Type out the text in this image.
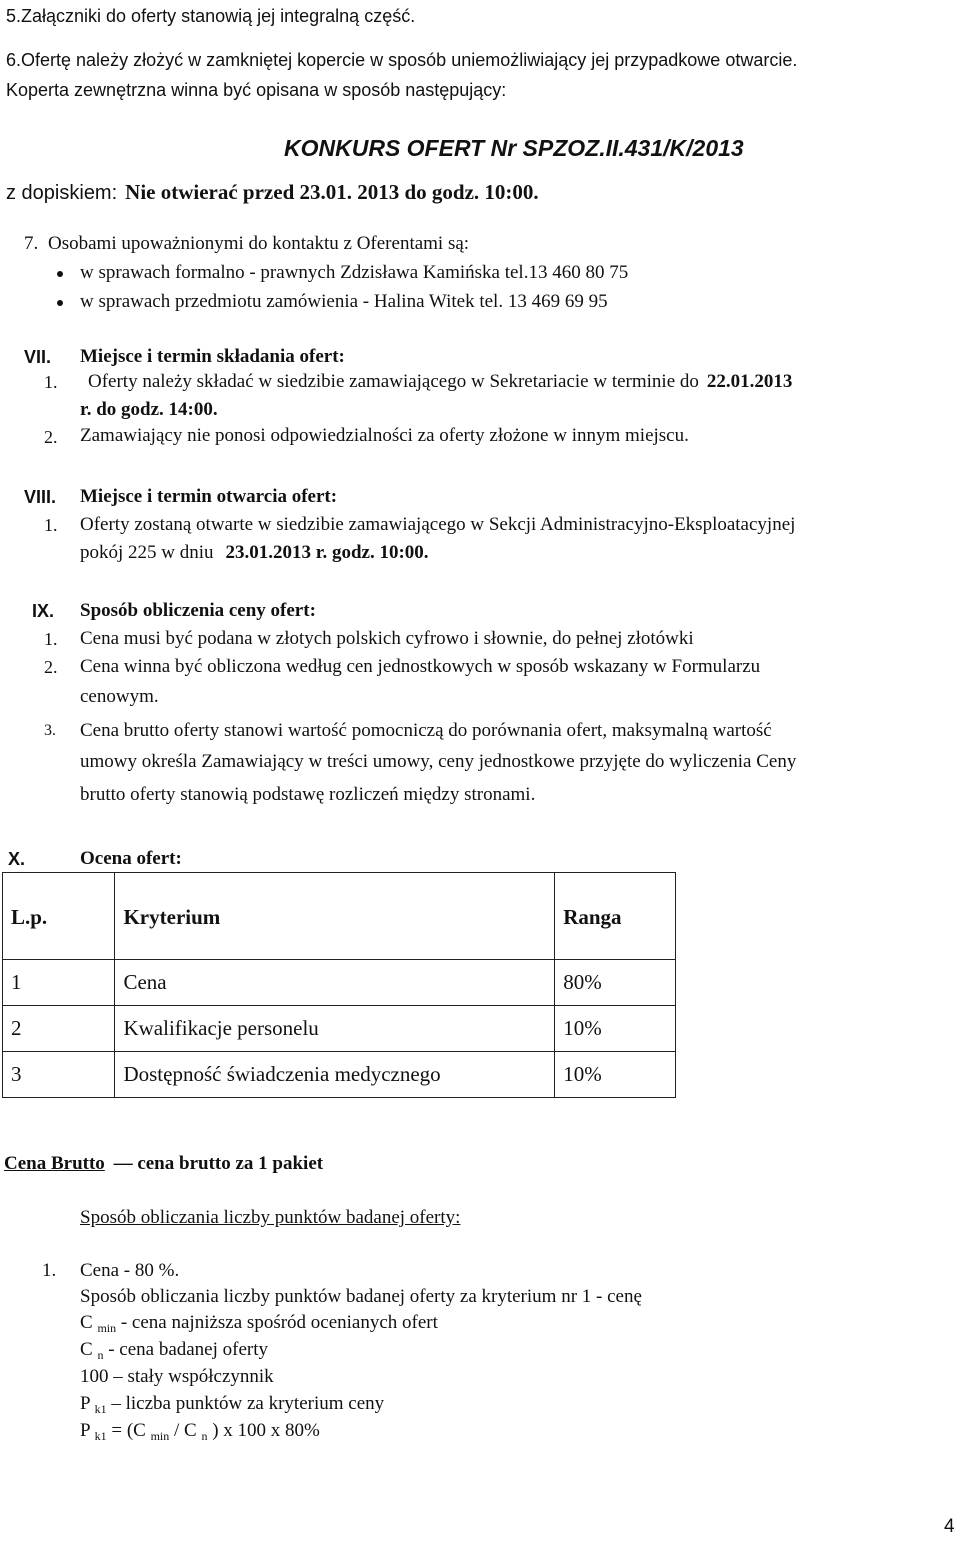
5.Załączniki do oferty stanowią jej integralną część.
6.Ofertę należy złożyć w zamkniętej kopercie w sposób uniemożliwiający jej przypadkowe otwarcie.
Koperta zewnętrzna winna być opisana w sposób następujący:
KONKURS OFERT Nr SPZOZ.II.431/K/2013
z dopiskiem: Nie otwierać przed 23.01. 2013 do godz. 10:00.
7. Osobami upoważnionymi do kontaktu z Oferentami są:
w sprawach formalno - prawnych Zdzisława Kamińska tel.13 460 80 75
w sprawach przedmiotu zamówienia - Halina Witek tel. 13 469 69 95
VII. Miejsce i termin składania ofert:
1. Oferty należy składać w siedzibie zamawiającego w Sekretariacie w terminie do 22.01.2013
r. do godz. 14:00.
2. Zamawiający nie ponosi odpowiedzialności za oferty złożone w innym miejscu.
VIII. Miejsce i termin otwarcia ofert:
1. Oferty zostaną otwarte w siedzibie zamawiającego w Sekcji Administracyjno-Eksploatacyjnej
pokój 225 w dniu 23.01.2013 r. godz. 10:00.
IX. Sposób obliczenia ceny ofert:
1. Cena musi być podana w złotych polskich cyfrowo i słownie, do pełnej złotówki
2. Cena winna być obliczona według cen jednostkowych w sposób wskazany w Formularzu
cenowym.
3. Cena brutto oferty stanowi wartość pomocniczą do porównania ofert, maksymalną wartość
umowy określa Zamawiający w treści umowy, ceny jednostkowe przyjęte do wyliczenia Ceny
brutto oferty stanowią podstawę rozliczeń między stronami.
X.	Ocena ofert:
L.p.	Kryterium	Ranga
1	Cena	80%
2	Kwalifikacje personelu	10%
3	Dostępność świadczenia medycznego	10%
Cena Brutto — cena brutto za 1 pakiet
Sposób obliczania liczby punktów badanej oferty:
1. Cena - 80 %.
Sposób obliczania liczby punktów badanej oferty za kryterium nr 1 - cenę
C $_{min}$ - cena najniższa spośród ocenianych ofert
C $_n$ - cena badanej oferty
100 – stały współczynnik
P $_{k1}$ – liczba punktów za kryterium ceny
P $_{k1}$ = (C $_{min}$ / C $_n$ ) x 100 x 80%
4
